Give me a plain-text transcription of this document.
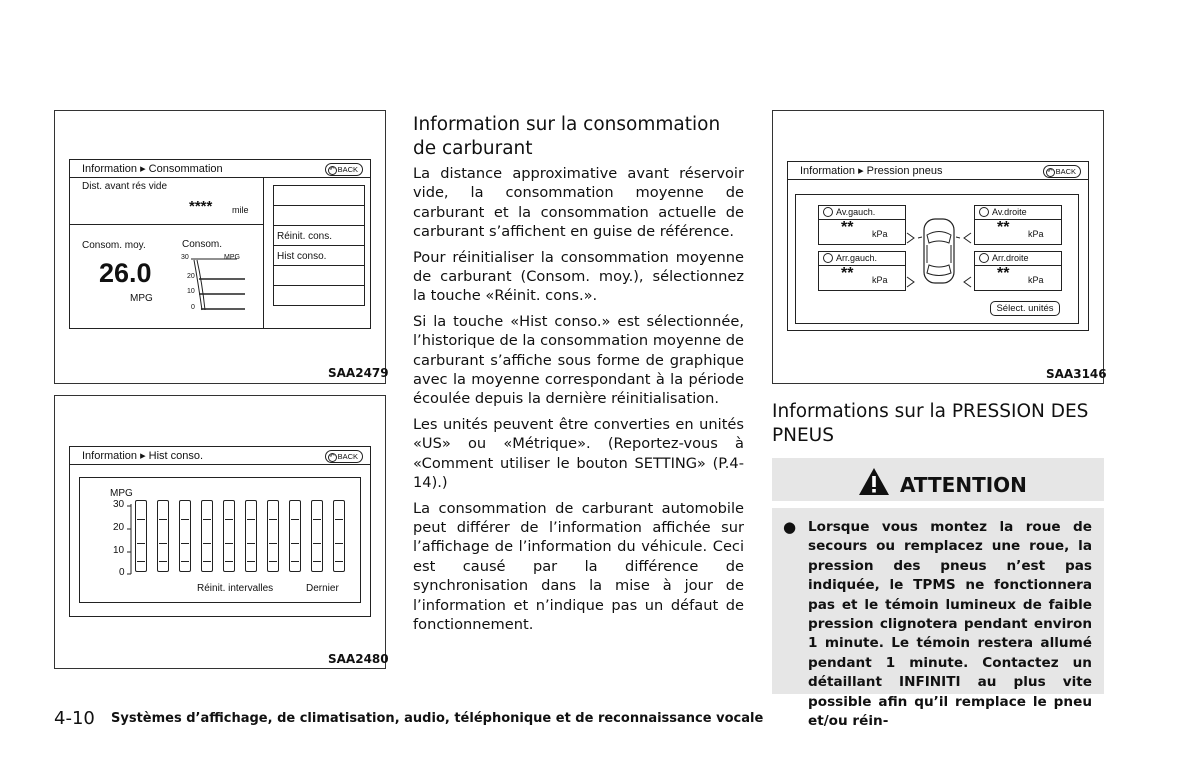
Information ▸ Consommation	↶ BACK
Dist. avant rés vide
**** mile
Consom. moy.
26.0
MPG
Consom.
MPG
30
20
10
0
Réinit. cons.
Hist conso.
SAA2479
Information ▸ Hist conso.	↶ BACK
MPG
30
20
10
0
Réinit. intervalles	Dernier
SAA2480
Information sur la consommation de carburant

La distance approximative avant réservoir vide, la consommation moyenne de carburant et la consommation actuelle de carburant s’affichent en guise de référence.

Pour réinitialiser la consommation moyenne de carburant (Consom. moy.), sélectionnez la touche «Réinit. cons.».

Si la touche «Hist conso.» est sélectionnée, l’historique de la consommation moyenne de carburant s’affiche sous forme de graphique avec la moyenne correspondant à la période écoulée depuis la dernière réinitialisation.

Les unités peuvent être converties en unités «US» ou «Métrique». (Reportez-vous à «Comment utiliser le bouton SETTING» (P.4-14).)

La consommation de carburant automobile peut différer de l’information affichée sur l’affichage de l’information du véhicule. Ceci est causé par la différence de synchronisation dans la mise à jour de l’information et n’indique pas un défaut de fonctionnement.

Information ▸ Pression pneus	↶ BACK
Av.gauch.
** kPa
Av.droite
** kPa
Arr.gauch.
** kPa
Arr.droite
** kPa
Sélect. unités
SAA3146
Informations sur la PRESSION DES PNEUS
ATTENTION
● Lorsque vous montez la roue de secours ou remplacez une roue, la pression des pneus n’est pas indiquée, le TPMS ne fonctionnera pas et le témoin lumineux de faible pression clignotera pendant environ 1 minute. Le témoin restera allumé pendant 1 minute. Contactez un détaillant INFINITI au plus vite possible afin qu’il remplace le pneu et/ou réin-
4-10 Systèmes d’affichage, de climatisation, audio, téléphonique et de reconnaissance vocale
